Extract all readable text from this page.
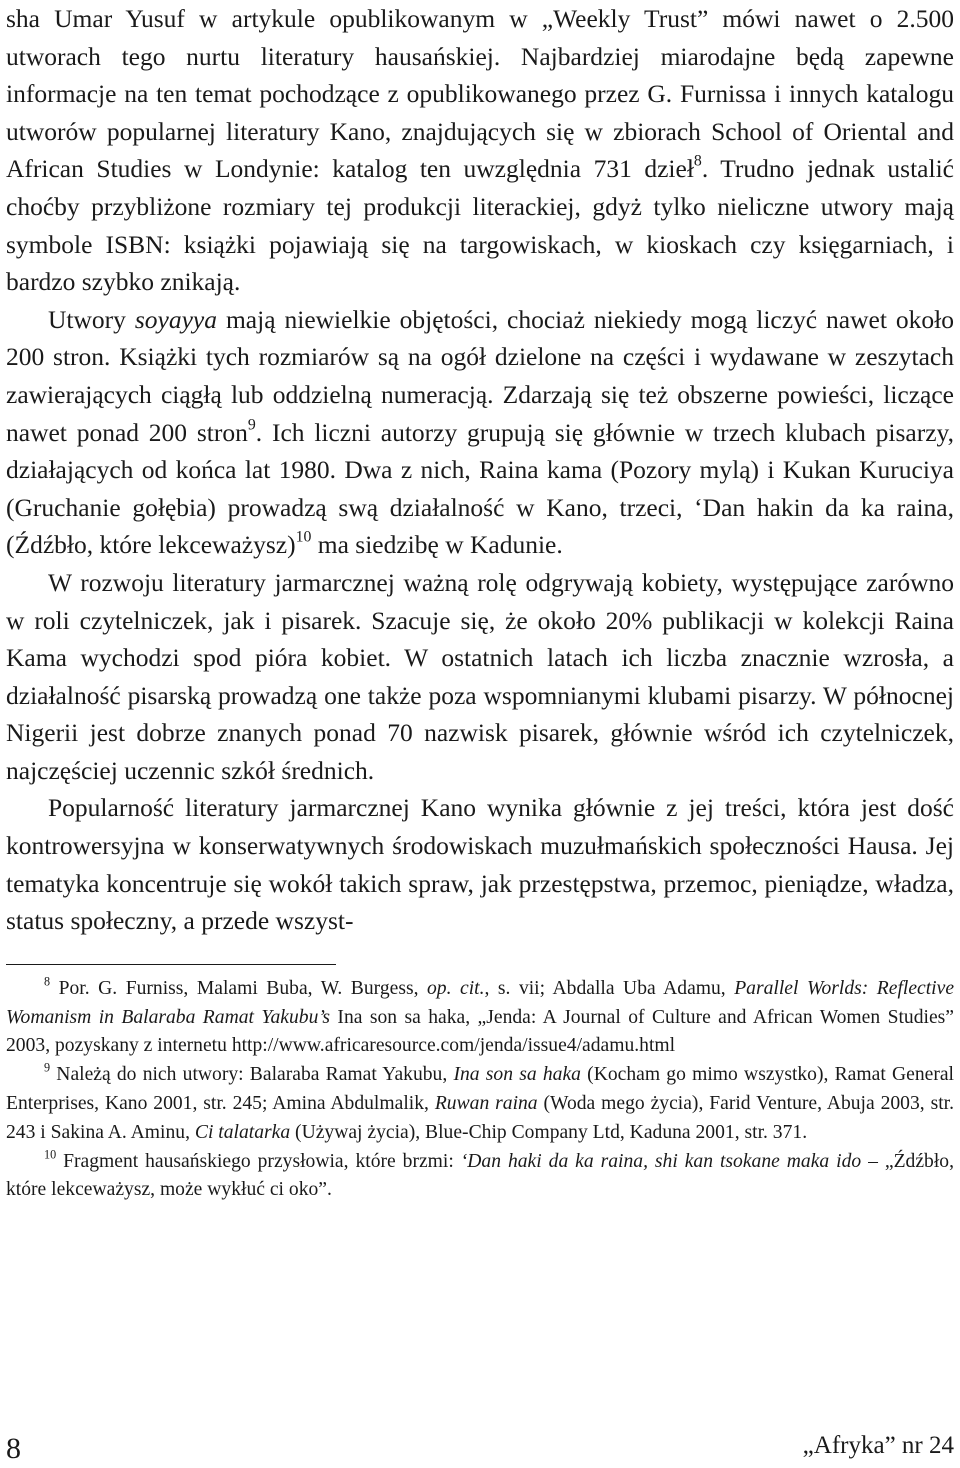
sha Umar Yusuf w artykule opublikowanym w „Weekly Trust” mówi nawet o 2.500 utworach tego nurtu literatury hausańskiej. Najbardziej miarodajne będą zapewne informacje na ten temat pochodzące z opublikowanego przez G. Furnissa i innych katalogu utworów popularnej literatury Kano, znajdujących się w zbiorach School of Oriental and African Studies w Londynie: katalog ten uwzględnia 731 dzieł$^8$. Trudno jednak ustalić choćby przybliżone rozmiary tej produkcji literackiej, gdyż tylko nieliczne utwory mają symbole ISBN: książki pojawiają się na targowiskach, w kioskach czy księgarniach, i bardzo szybko znikają.

Utwory soyayya mają niewielkie objętości, chociaż niekiedy mogą liczyć nawet około 200 stron. Książki tych rozmiarów są na ogół dzielone na części i wydawane w zeszytach zawierających ciągłą lub oddzielną numeracją. Zdarzają się też obszerne powieści, liczące nawet ponad 200 stron$^9$. Ich liczni autorzy grupują się głównie w trzech klubach pisarzy, działających od końca lat 1980. Dwa z nich, Raina kama (Pozory mylą) i Kukan Kuruciya (Gruchanie gołębia) prowadzą swą działalność w Kano, trzeci, ‘Dan hakin da ka raina, (Źdźbło, które lekceważysz)$^{10}$ ma siedzibę w Kadunie.

W rozwoju literatury jarmarcznej ważną rolę odgrywają kobiety, występujące zarówno w roli czytelniczek, jak i pisarek. Szacuje się, że około 20% publikacji w kolekcji Raina Kama wychodzi spod pióra kobiet. W ostatnich latach ich liczba znacznie wzrosła, a działalność pisarską prowadzą one także poza wspomnianymi klubami pisarzy. W północnej Nigerii jest dobrze znanych ponad 70 nazwisk pisarek, głównie wśród ich czytelniczek, najczęściej uczennic szkół średnich.

Popularność literatury jarmarcznej Kano wynika głównie z jej treści, która jest dość kontrowersyjna w konserwatywnych środowiskach muzułmańskich społeczności Hausa. Jej tematyka koncentruje się wokół takich spraw, jak przestępstwa, przemoc, pieniądze, władza, status społeczny, a przede wszyst-

$^8$ Por. G. Furniss, Malami Buba, W. Burgess, op. cit., s. vii; Abdalla Uba Adamu, Parallel Worlds: Reflective Womanism in Balaraba Ramat Yakubu’s Ina son sa haka, „Jenda: A Journal of Culture and African Women Studies” 2003, pozyskany z internetu http://www.africaresource.com/jenda/issue4/adamu.html

$^9$ Należą do nich utwory: Balaraba Ramat Yakubu, Ina son sa haka (Kocham go mimo wszystko), Ramat General Enterprises, Kano 2001, str. 245; Amina Abdulmalik, Ruwan raina (Woda mego życia), Farid Venture, Abuja 2003, str. 243 i Sakina A. Aminu, Ci talatarka (Używaj życia), Blue-Chip Company Ltd, Kaduna 2001, str. 371.

$^{10}$ Fragment hausańskiego przysłowia, które brzmi: ‘Dan haki da ka raina, shi kan tsokane maka ido – „Źdźbło, które lekceważysz, może wykłuć ci oko”.

8	„Afryka” nr 24
